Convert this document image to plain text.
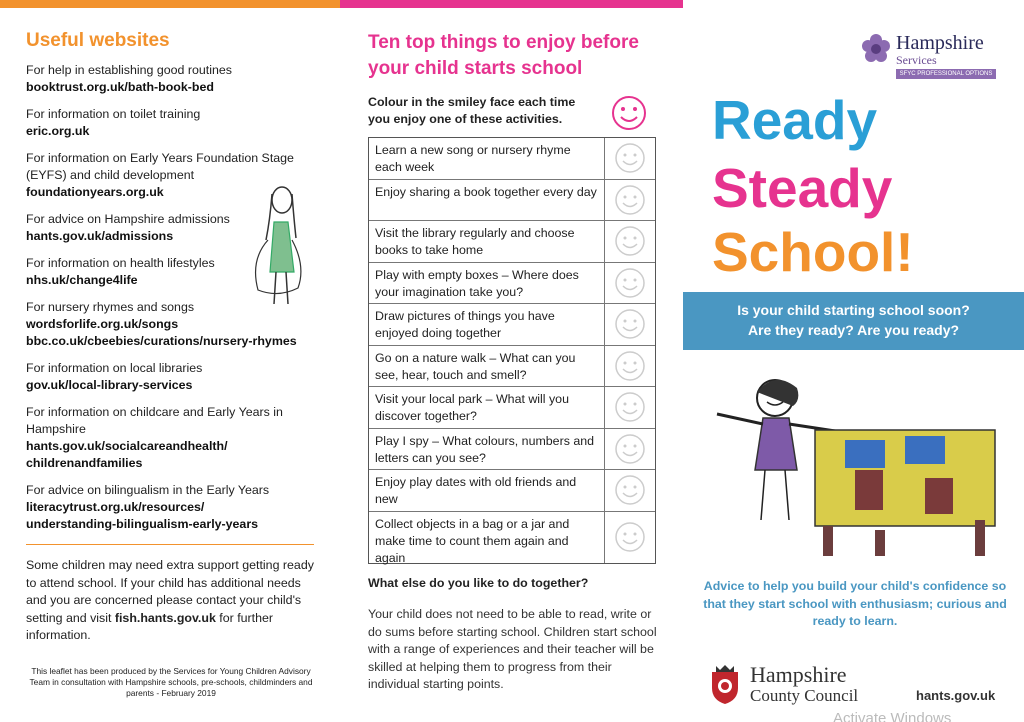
Useful websites
For help in establishing good routines
booktrust.org.uk/bath-book-bed
For information on toilet training
eric.org.uk
For information on Early Years Foundation Stage (EYFS) and child development
foundationyears.org.uk
For advice on Hampshire admissions
hants.gov.uk/admissions
For information on health lifestyles
nhs.uk/change4life
For nursery rhymes and songs
wordsforlife.org.uk/songs
bbc.co.uk/cbeebies/curations/nursery-rhymes
For information on local libraries
gov.uk/local-library-services
For information on childcare and Early Years in Hampshire
hants.gov.uk/socialcareandhealth/
childrenandfamilies
For advice on bilingualism in the Early Years
literacytrust.org.uk/resources/
understanding-bilingualism-early-years
Some children may need extra support getting ready to attend school. If your child has additional needs and you are concerned please contact your child's setting and visit fish.hants.gov.uk for further information.
This leaflet has been produced by the Services for Young Children Advisory Team in consultation with Hampshire schools, pre-schools, childminders and parents - February 2019
Ten top things to enjoy before your child starts school
Colour in the smiley face each time you enjoy one of these activities.
Learn a new song or nursery rhyme each week
Enjoy sharing a book together every day
Visit the library regularly and choose books to take home
Play with empty boxes – Where does your imagination take you?
Draw pictures of things you have enjoyed doing together
Go on a nature walk – What can you see, hear, touch and smell?
Visit your local park – What will you discover together?
Play I spy – What colours, numbers and letters can you see?
Enjoy play dates with old friends and new
Collect objects in a bag or a jar and make time to count them again and again
What else do you like to do together?
Your child does not need to be able to read, write or do sums before starting school. Children start school with a range of experiences and their teacher will be skilled at helping them to progress from their individual starting points.
Hampshire
Services
SFYC PROFESSIONAL OPTIONS
Ready
Steady
School!
Is your child starting school soon?
Are they ready? Are you ready?
Advice to help you build your child's confidence so that they start school with enthusiasm; curious and ready to learn.
Hampshire
County Council	hants.gov.uk
Activate Windows
